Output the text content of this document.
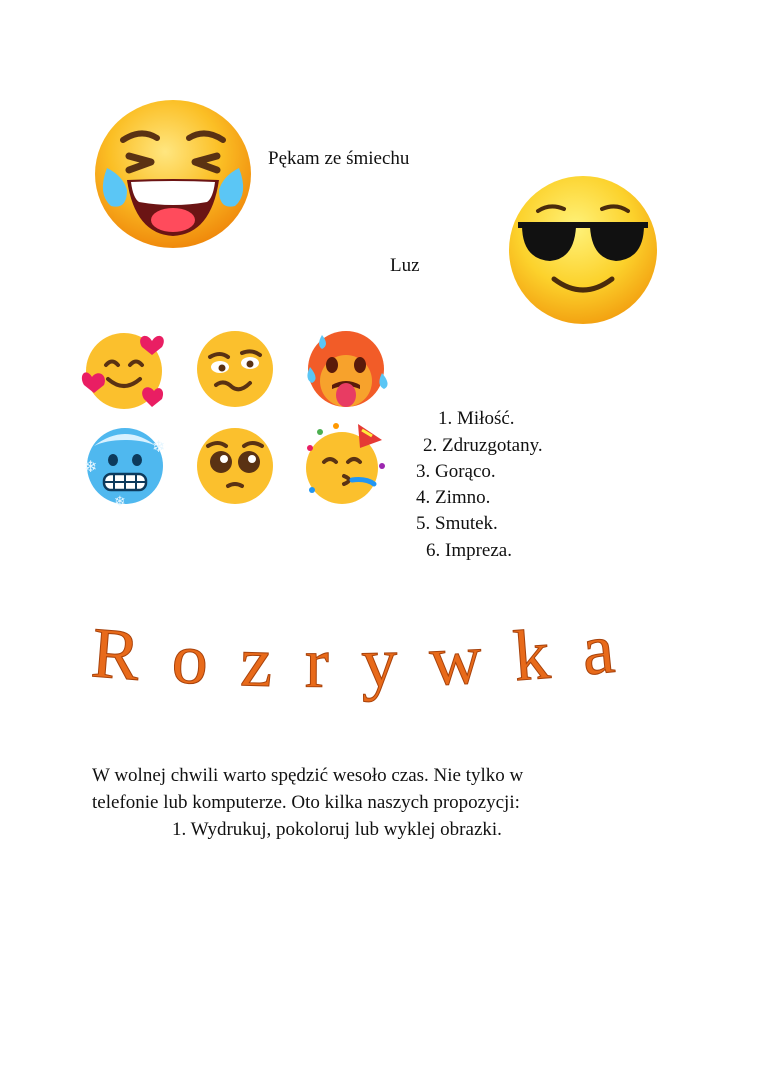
Pękam ze śmiechu
Luz
❄
❄
❄
1. Miłość.
2. Zdruzgotany.
3. Gorąco.
4. Zimno.
5. Smutek.
6. Impreza.
Rozrywka
W wolnej chwili warto spędzić wesoło czas. Nie tylko w
telefonie lub komputerze. Oto kilka naszych propozycji:
1. Wydrukuj, pokoloruj lub wyklej obrazki.
